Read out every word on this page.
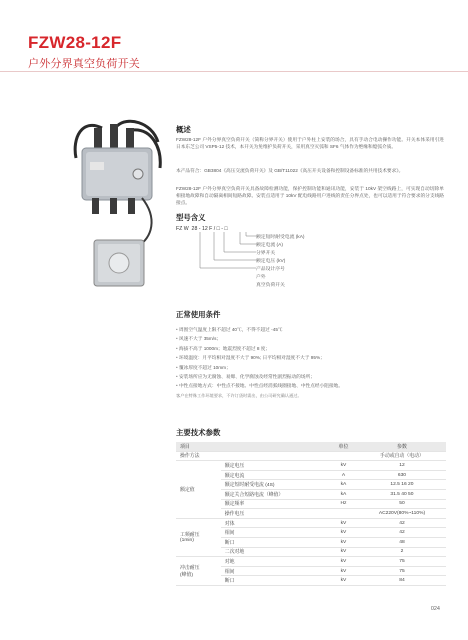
FZW28-12F
户外分界真空负荷开关
概述

FZW28-12F 户外分界真空负荷开关（简称分界开关）使用于户外柱上安装的场合，具有手动合电动操作功能。开关本体采用引进日本东芝公司 VSP5-12 技术，本开关为免维护负荷开关，采用真空灭弧和 SF6 气体作为绝缘和熄弧介质。

本产品符合：GB3804《高压交流负荷开关》及 GB/T11022《高压开关设备和控制设备标准的共用技术要求》。

FZW28-12F 户外分界真空负荷开关具备故障检测功能，保护控制功能和通讯功能，安装于 10kV 架空线路上，可实现自动切除单相接地故障和自动隔离相间短路故障。安装点适用于 10kV 配电线路用户进线的责任分界点处，也可以适用于符合要求的分支线路接点。

型号含义
FZ W  28 - 12 F / □ - □
额定短时耐受电流 (kA)
额定电流 (A)
分界开关
额定电压 (kV)
产品设计序号
户外
真空负荷开关
正常使用条件
• 周围空气温度上限不超过 40℃，不得不超过 -45℃
• 风速不大于 35m/s；
• 海拔不高于 1000m；地震烈度不超过 8 度；
• 环境温度：月平均相对湿度不大于 90%; 日平均相对湿度不大于 95%；
• 覆冰厚度不超过 10mm；
• 安装场所应为无腐蚀、易爆、化学腐蚀及经常性剧烈振动的场所；
• 中性点接地方式：中性点不接地、中性点经消弧线圈接地、中性点经小阻接地。
客户在特殊工作环境要求，不许订货时需出，由公司研究确认通过。
主要技术参数
项目		单位	参数
操作方法			手动或自动（电动）
额定值	额定电压	kV	12
	额定电流	A	630
	额定短时耐受电流 (4S)	kA	12.5 16 20
	额定关合短路电流（峰值）	kA	31.5 40 50
	额定频率	Hz	50
	操作电压		AC220V(80%~110%)
工频耐压
(1min)	对体	kV	42
	相间	kV	42
	断口	kV	48
	二次对地	kV	2
冲击耐压
(峰值)	对地	kV	75
	相间	kV	75
	断口	kV	84
024
